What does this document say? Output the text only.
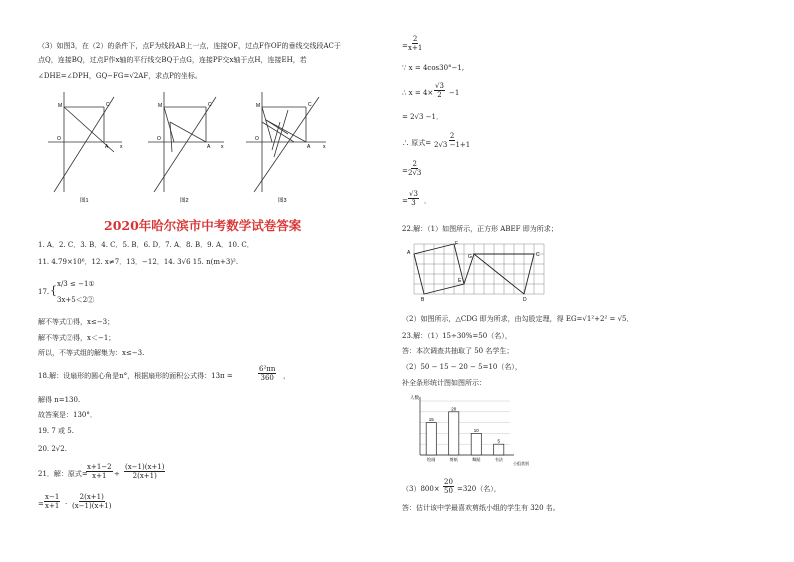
（3）如图3，在（2）的条件下，点F为线段AB上一点，连接OF，过点F作OF的垂线交线段AC于
点Q，连接BQ，过点F作x轴的平行线交BQ于点G，连接PF交x轴于点H，连接EH，若
∠DHE=∠DPH，GQ−FG=√2AF，求点P的坐标。
M	C
O
A x
图1
M	C
O
A x
图2
M	C
O
A	x
图3
2020年哈尔滨市中考数学试卷答案
1. A．2. C．3. B．4. C．5. B．6. D．7. A．8. B．9. A．10. C．
11. 4.79×10⁶．12. x≠7．13．−12．14. 3√6 15. n(m+3)².
17. { x/3 ≤ −1①
3x+5＜2②
解不等式①得，x≤−3；
解不等式②得，x＜−1；
所以，不等式组的解集为：x≤−3.
18.解：设扇形的圆心角是n°，根据扇形的面积公式得：13π =	$\frac{\text{6²πn}}{360}$ ，
解得 n=130.
故答案是：130°．
19. 7 或 5.
20. 2√2.
21．解：原式=
$\frac{x+1-2}{x+1} \div \frac{(x-1)(x+1)}{2(x+1)}$
= $\frac{x-1}{x+1} \cdot \frac{2(x+1)}{(x-1)(x+1)}$
= $\frac{2}{x+1}$
∵ x = 4cos30°−1,
∴ $x = 4\times \frac{√3}{2} -1$
= 2√3 −1．
∴ 原式= $\frac{2}{2√3 -1+1}$
= $\frac{2}{2√3}$
= $\frac{√3}{3}$ ．
22.解：（1）如图所示，正方形 ABEF 即为所求；
A
B
E
F
G	C
D
（2）如图所示，△CDG 即为所求，由勾股定理，得 EG=√1²+2² = √5．
23.解：（1）15÷30%=50（名），
答：本次调查共抽取了 50 名学生；
（2）50 − 15 − 20 − 5=10（名），
补全条形统计图如图所示：
15
20
10
5
绘画	剪纸	舞蹈	书法
人数
小组类别
$(3)800\times \frac{20}{50} =320$（名），
答：估计该中学最喜欢剪纸小组的学生有 320 名。
